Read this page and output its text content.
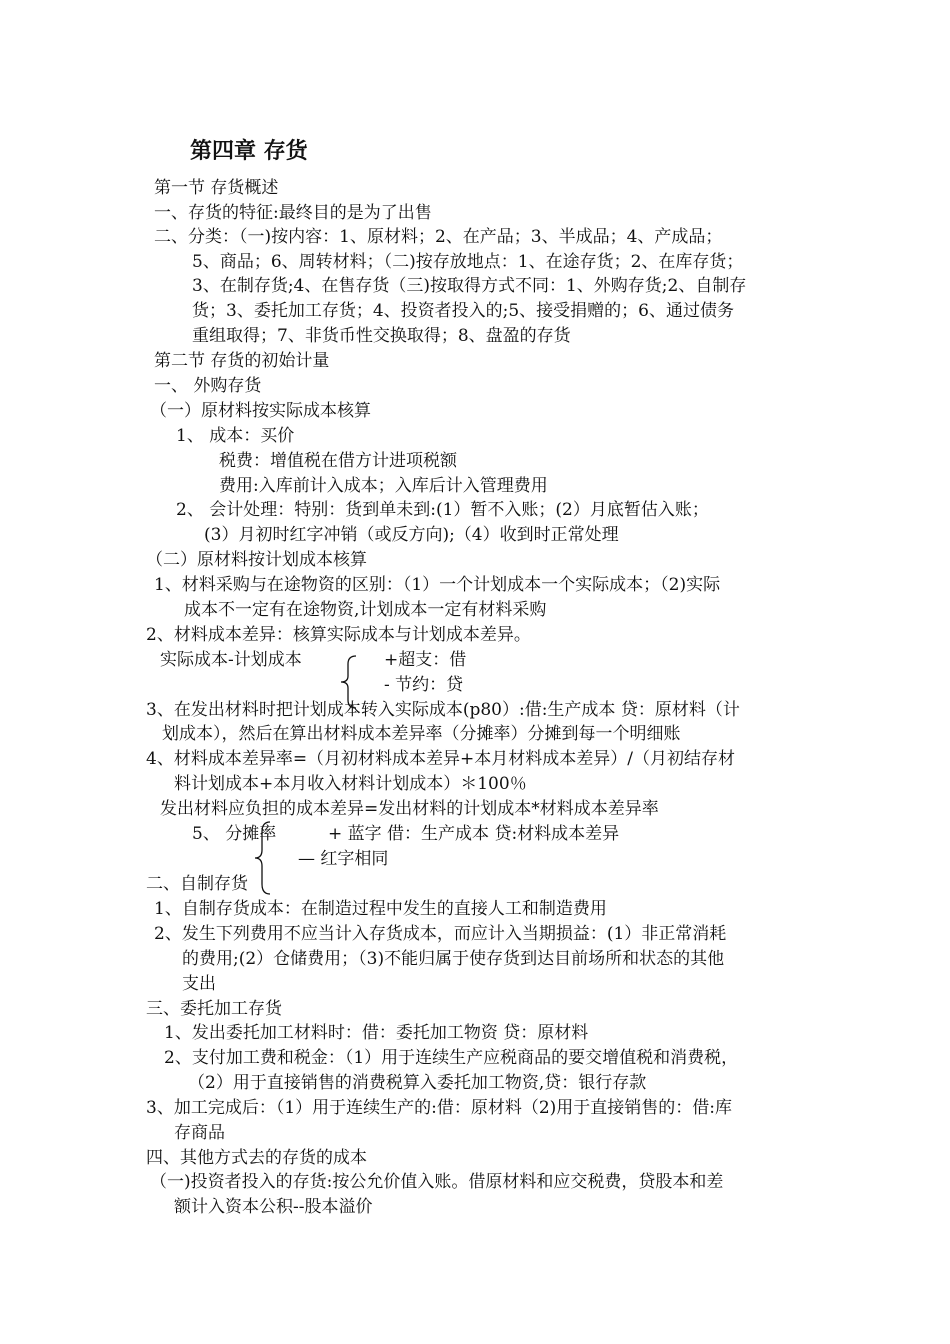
第四章 存货
第一节 存货概述
一、存货的特征:最终目的是为了出售
二、分类：（一)按内容：1、原材料；2、在产品；3、半成品；4、产成品；
5、商品；6、周转材料；（二)按存放地点：1、在途存货；2、在库存货；
3、在制存货;4、在售存货（三)按取得方式不同：1、外购存货;2、自制存
货；3、委托加工存货；4、投资者投入的;5、接受捐赠的；6、通过债务
重组取得；7、非货币性交换取得；8、盘盈的存货
第二节 存货的初始计量
一、 外购存货
（一）原材料按实际成本核算
1、 成本：买价
税费：增值税在借方计进项税额
费用:入库前计入成本；入库后计入管理费用
2、 会计处理：特别：货到单未到:(1）暂不入账；(2）月底暂估入账；
(3）月初时红字冲销（或反方向);（4）收到时正常处理
（二）原材料按计划成本核算
1、材料采购与在途物资的区别：（1）一个计划成本一个实际成本；（2)实际
成本不一定有在途物资,计划成本一定有材料采购
2、材料成本差异：核算实际成本与计划成本差异。
实际成本-计划成本	+超支：借
- 节约：贷
3、在发出材料时把计划成本转入实际成本(p80）:借:生产成本 贷：原材料（计
划成本），然后在算出材料成本差异率（分摊率）分摊到每一个明细账
4、材料成本差异率=（月初材料成本差异+本月材料成本差异）/（月初结存材
料计划成本+本月收入材料计划成本）＊100％
发出材料应负担的成本差异=发出材料的计划成本*材料成本差异率
5、 分摊率	+ 蓝字 借：生产成本 贷:材料成本差异
— 红字相同
二、自制存货
1、自制存货成本：在制造过程中发生的直接人工和制造费用
2、发生下列费用不应当计入存货成本，而应计入当期损益：(1）非正常消耗
的费用;(2）仓储费用；（3)不能归属于使存货到达目前场所和状态的其他
支出
三、委托加工存货
1、发出委托加工材料时：借：委托加工物资 贷：原材料
2、支付加工费和税金：（1）用于连续生产应税商品的要交增值税和消费税，
（2）用于直接销售的消费税算入委托加工物资,贷：银行存款
3、加工完成后：（1）用于连续生产的:借：原材料（2)用于直接销售的：借:库
存商品
四、其他方式去的存货的成本
（一)投资者投入的存货:按公允价值入账。借原材料和应交税费，贷股本和差
额计入资本公积--股本溢价
